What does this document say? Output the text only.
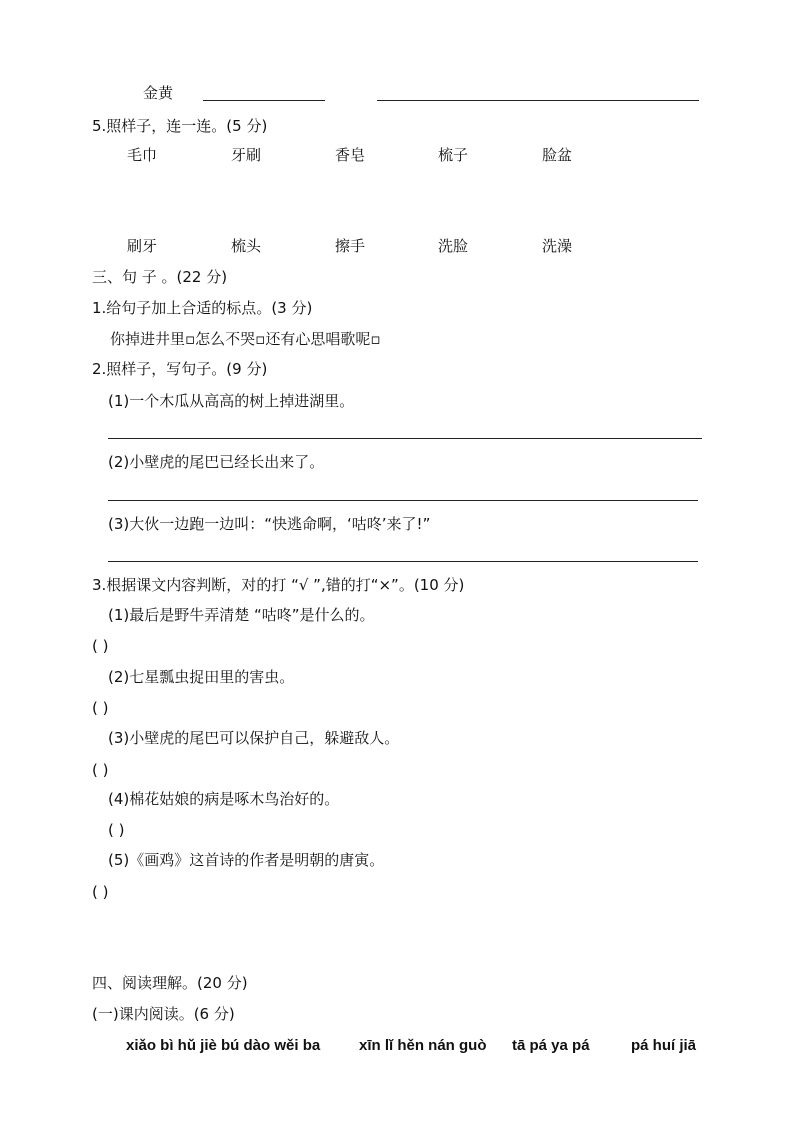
金黄
5.照样子，连一连。(5 分)
毛巾	牙刷	香皂	梳子	脸盆
刷牙	梳头	擦手	洗脸	洗澡
三、句 子 。(22 分)
1.给句子加上合适的标点。(3 分)
你掉进井里▫怎么不哭▫还有心思唱歌呢▫
2.照样子，写句子。(9 分)
(1)一个木瓜从高高的树上掉进湖里。
(2)小壁虎的尾巴已经长出来了。
(3)大伙一边跑一边叫：“快逃命啊，‘咕咚’来了!”
3.根据课文内容判断，对的打 “√ ”,错的打“×”。(10 分)
(1)最后是野牛弄清楚 “咕咚”是什么的。
( )
(2)七星瓢虫捉田里的害虫。
( )
(3)小壁虎的尾巴可以保护自己，躲避敌人。
( )
(4)棉花姑娘的病是啄木鸟治好的。
( )
(5)《画鸡》这首诗的作者是明朝的唐寅。
( )
四、阅读理解。(20 分)
(一)课内阅读。(6 分)
xiǎo bì hǔ jiè bú dào wěi ba	xīn lǐ hěn nán guò tā pá ya pá	pá huí jiā
